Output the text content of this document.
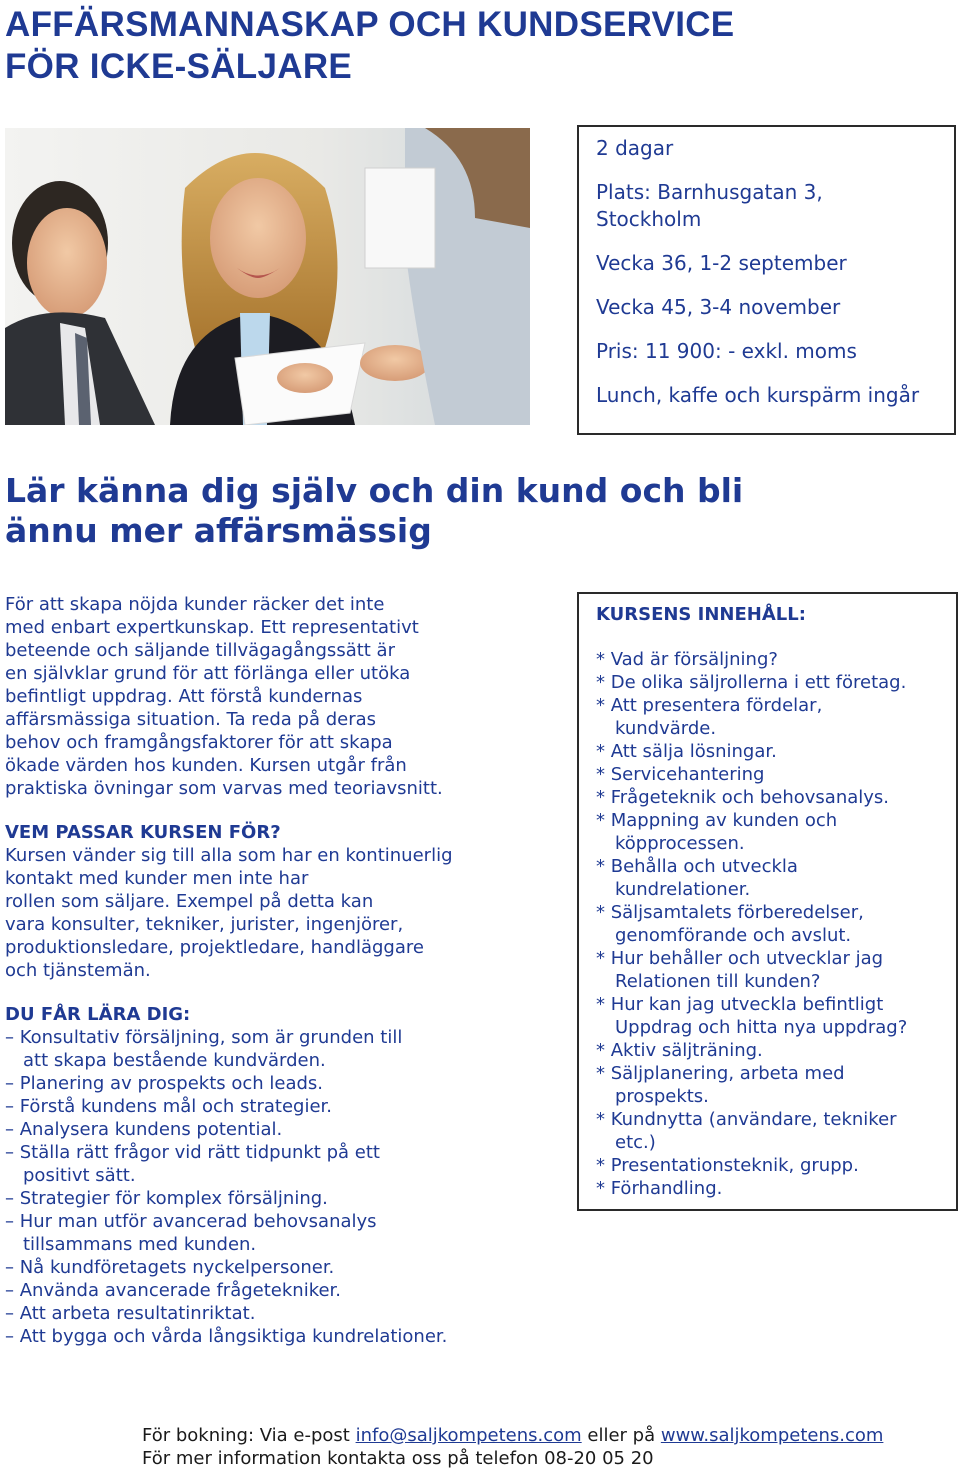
AFFÄRSMANNASKAP OCH KUNDSERVICE
FÖR ICKE-SÄLJARE
2 dagar
Plats: Barnhusgatan 3,
Stockholm
Vecka 36, 1-2 september
Vecka 45, 3-4 november
Pris: 11 900: - exkl. moms
Lunch, kaffe och kurspärm ingår
Lär känna dig själv och din kund och bli
ännu mer affärsmässig
För att skapa nöjda kunder räcker det inte
med enbart expertkunskap. Ett representativt
beteende och säljande tillvägagångssätt är
en självklar grund för att förlänga eller utöka
befintligt uppdrag. Att förstå kundernas
affärsmässiga situation. Ta reda på deras
behov och framgångsfaktorer för att skapa
ökade värden hos kunden. Kursen utgår från
praktiska övningar som varvas med teoriavsnitt.
VEM PASSAR KURSEN FÖR?
Kursen vänder sig till alla som har en kontinuerlig
kontakt med kunder men inte har
rollen som säljare. Exempel på detta kan
vara konsulter, tekniker, jurister, ingenjörer,
produktionsledare, projektledare, handläggare
och tjänstemän.
DU FÅR LÄRA DIG:
– Konsultativ försäljning, som är grunden till
att skapa bestående kundvärden.
– Planering av prospekts och leads.
– Förstå kundens mål och strategier.
– Analysera kundens potential.
– Ställa rätt frågor vid rätt tidpunkt på ett
positivt sätt.
– Strategier för komplex försäljning.
– Hur man utför avancerad behovsanalys
tillsammans med kunden.
– Nå kundföretagets nyckelpersoner.
– Använda avancerade frågetekniker.
– Att arbeta resultatinriktat.
– Att bygga och vårda långsiktiga kundrelationer.
KURSENS INNEHÅLL:
* Vad är försäljning?
* De olika säljrollerna i ett företag.
* Att presentera fördelar,
kundvärde.
* Att sälja lösningar.
* Servicehantering
* Frågeteknik och behovsanalys.
* Mappning av kunden och
köpprocessen.
* Behålla och utveckla
kundrelationer.
* Säljsamtalets förberedelser,
genomförande och avslut.
* Hur behåller och utvecklar jag
Relationen till kunden?
* Hur kan jag utveckla befintligt
Uppdrag och hitta nya uppdrag?
* Aktiv säljträning.
* Säljplanering, arbeta med
prospekts.
* Kundnytta (användare, tekniker
etc.)
* Presentationsteknik, grupp.
* Förhandling.
För bokning: Via e-post info@saljkompetens.com eller på www.saljkompetens.com
För mer information kontakta oss på telefon 08-20 05 20
